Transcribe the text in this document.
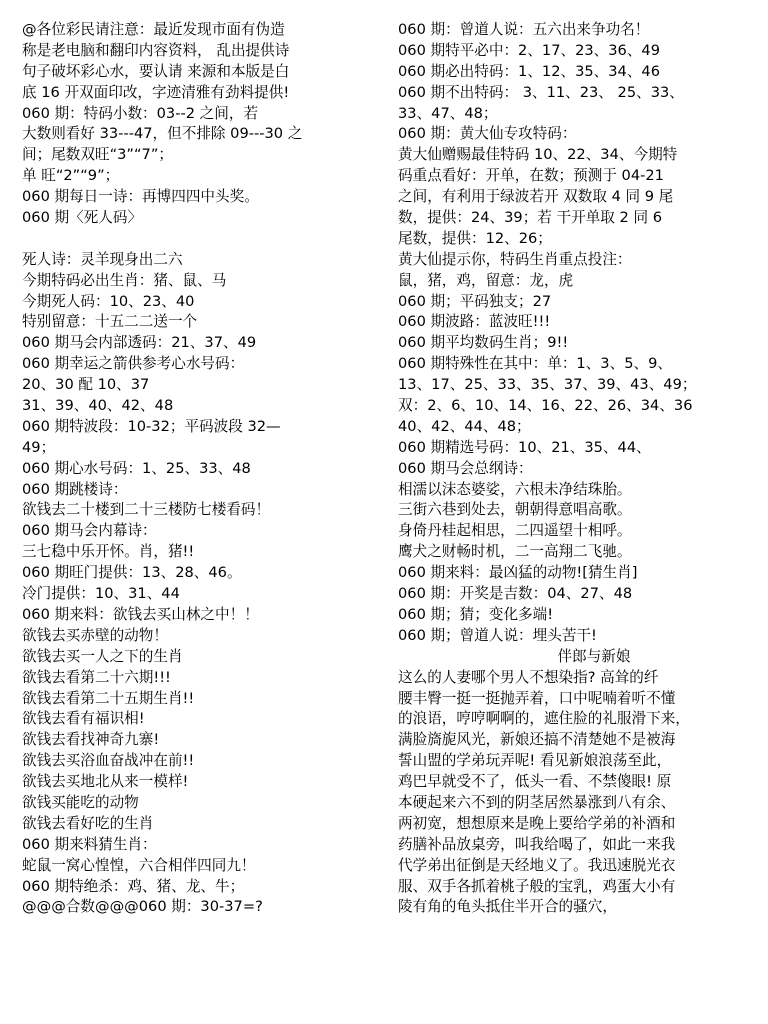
@各位彩民请注意：最近发现市面有伪造
称是老电脑和翻印内容资料， 乱出提供诗
句子破坏彩心水，要认请 来源和本版是白
底 16 开双面印改，字迹清雅有劲料提供!
060 期：特码小数：03--2 之间，若
大数则看好 33---47，但不排除 09---30 之
间；尾数双旺“3”“7”；
单 旺“2”“9”；
060 期每日一诗：再博四四中头奖。
060 期〈死人码〉
死人诗：灵羊现身出二六
今期特码必出生肖：猪、鼠、马
今期死人码：10、23、40
特别留意：十五二二送一个
060 期马会内部透码：21、37、49
060 期幸运之箭供参考心水号码：
20、30 配 10、37
31、39、40、42、48
060 期特波段：10-32；平码波段 32—
49；
060 期心水号码：1、25、33、48
060 期跳楼诗：
欲钱去二十楼到二十三楼防七楼看码！
060 期马会内幕诗：
三七稳中乐开怀。肖，猪!!
060 期旺门提供：13、28、46。
冷门提供：10、31、44
060 期来料：欲钱去买山林之中！！
欲钱去买赤壁的动物！
欲钱去买一人之下的生肖
欲钱去看第二十六期!!!
欲钱去看第二十五期生肖!!
欲钱去看有福识相!
欲钱去看找神奇九寨!
欲钱去买浴血奋战冲在前!!
欲钱去买地北从来一模样!
欲钱买能吃的动物
欲钱去看好吃的生肖
060 期来料猜生肖：
蛇鼠一窝心惶惶，六合相伴四同九！
060 期特绝杀：鸡、猪、龙、牛；
@@@合数@@@060 期：30-37=?
060 期：曾道人说：五六出来争功名！
060 期特平必中：2、17、23、36、49
060 期必出特码：1、12、35、34、46
060 期不出特码： 3、11、23、 25、33、
33、47、48；
060 期：黄大仙专攻特码：
黄大仙赠赐最佳特码 10、22、34、今期特
码重点看好：开单，在数；预测于 04-21
之间，有利用于绿波若开 双数取 4 同 9 尾
数，提供：24、39；若 干开单取 2 同 6
尾数，提供：12、26；
黄大仙提示你，特码生肖重点投注：
鼠，猪，鸡，留意：龙，虎
060 期；平码独支；27
060 期波路：蓝波旺!!!
060 期平均数码生肖；9!!
060 期特殊性在其中：单：1、3、5、9、
13、17、25、33、35、37、39、43、49；
双：2、6、10、14、16、22、26、34、36
40、42、44、48；
060 期精选号码：10、21、35、44、
060 期马会总纲诗：
相濡以沫态婆娑，六根未净结珠胎。
三街六巷到处去，朝朝得意唱高歌。
身倚丹桂起相思，二四遥望十相呼。
鹰犬之财畅时机，二一高翔二飞驰。
060 期来料：最凶猛的动物![猜生肖]
060 期：开奖是吉数：04、27、48
060 期；猜；变化多端!
060 期；曾道人说：埋头苦干!
伴郎与新娘
这么的人妻哪个男人不想染指? 高耸的纤
腰丰臀一挺一挺抛弄着，口中呢喃着听不懂
的浪语，哼哼啊啊的，遮住脸的礼服滑下来，
满脸旖旎风光，新娘还搞不清楚她不是被海
誓山盟的学弟玩弄呢! 看见新娘浪荡至此，
鸡巴早就受不了，低头一看、不禁傻眼! 原
本硬起来六不到的阴茎居然暴涨到八有余、
两初宽，想想原来是晚上要给学弟的补酒和
药膳补品放桌旁，叫我给喝了，如此一来我
代学弟出征倒是天经地义了。我迅速脱光衣
服、双手各抓着桃子般的宝乳，鸡蛋大小有
陵有角的龟头抵住半开合的骚穴，
